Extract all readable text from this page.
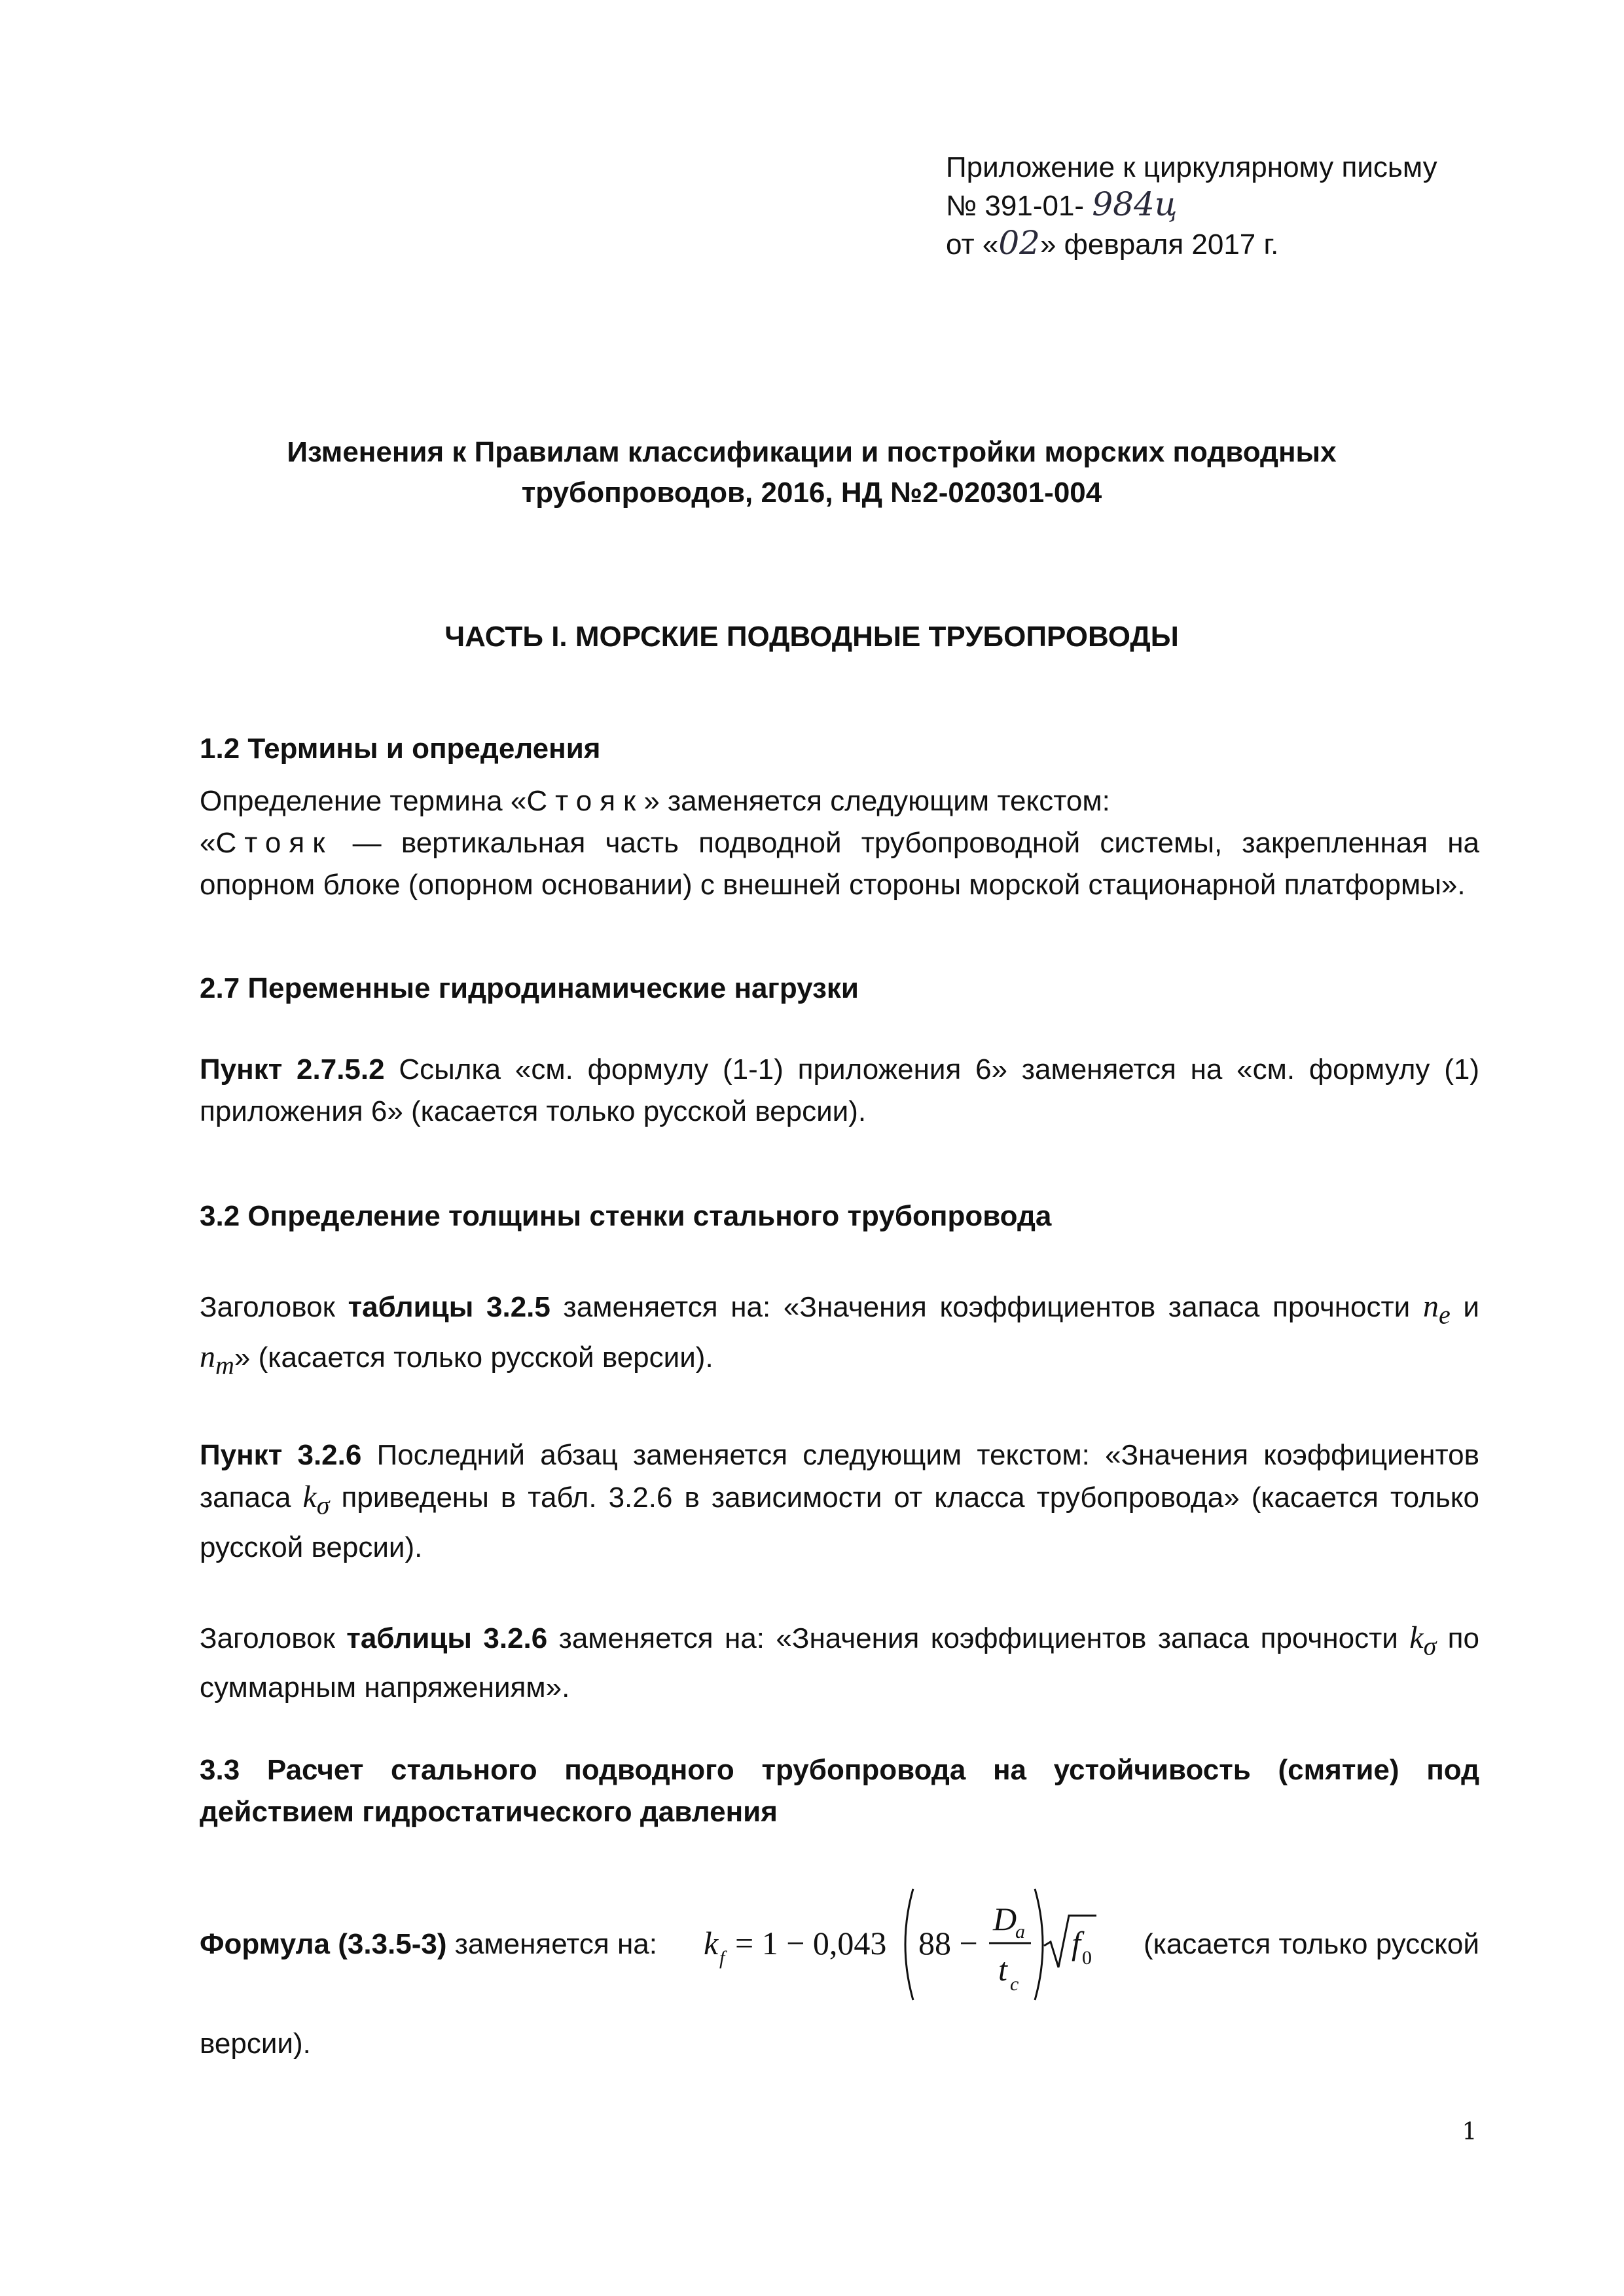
Приложение к циркулярному письму
№ 391-01- 984ц
от «02» февраля 2017 г.
Изменения к Правилам классификации и постройки морских подводных
трубопроводов, 2016, НД №2-020301-004
ЧАСТЬ I. МОРСКИЕ ПОДВОДНЫЕ ТРУБОПРОВОДЫ
1.2 Термины и определения
Определение термина «Стояк» заменяется следующим текстом:
«Стояк — вертикальная часть подводной трубопроводной системы, закрепленная на опорном блоке (опорном основании) с внешней стороны морской стационарной платформы».
2.7 Переменные гидродинамические нагрузки
Пункт 2.7.5.2 Ссылка «см. формулу (1-1) приложения 6» заменяется на «см. формулу (1) приложения 6» (касается только русской версии).
3.2 Определение толщины стенки стального трубопровода
Заголовок таблицы 3.2.5 заменяется на: «Значения коэффициентов запаса прочности $n_e$ и $n_m$» (касается только русской версии).
Пункт 3.2.6 Последний абзац заменяется следующим текстом: «Значения коэффициентов запаса $k_\sigma$ приведены в табл. 3.2.6 в зависимости от класса трубопровода» (касается только русской версии).
Заголовок таблицы 3.2.6 заменяется на: «Значения коэффициентов запаса прочности $k_\sigma$ по суммарным напряжениям».
3.3 Расчет стального подводного трубопровода на устойчивость (смятие) под действием гидростатического давления
Формула (3.3.5-3) заменяется на: k f = 1 − 0,043 88 −
D
a
t c
f 0 (касается только русской
версии).
1
